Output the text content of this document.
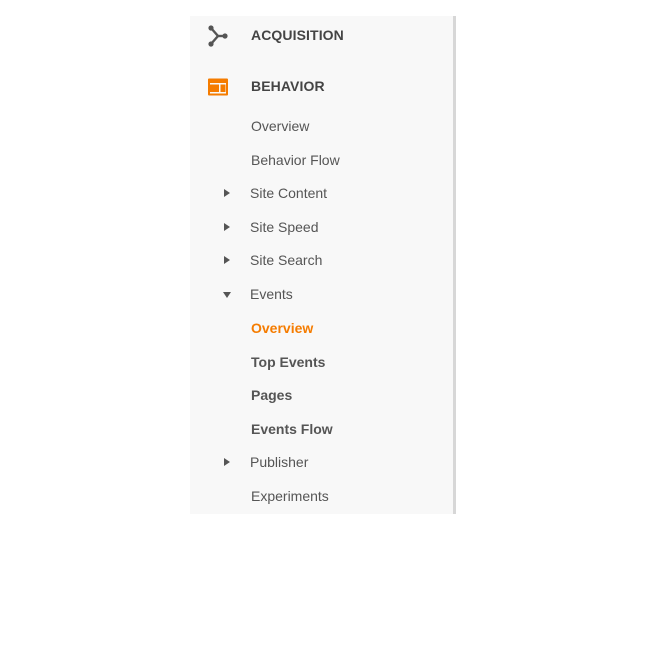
ACQUISITION
BEHAVIOR
Overview
Behavior Flow
Site Content
Site Speed
Site Search
Events
Overview
Top Events
Pages
Events Flow
Publisher
Experiments
